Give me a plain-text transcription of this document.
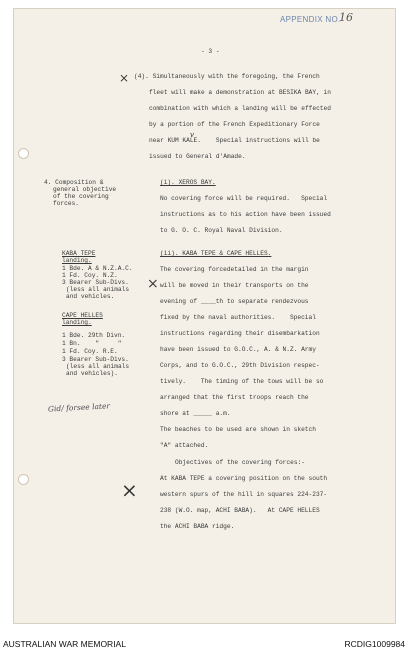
APPENDIX NO.
16
- 3 -
× (4). Simultaneously with the foregoing, the French
fleet will make a demonstration at BESIKA BAY, in
combination with which a landing will be effected
by a portion of the French Expeditionary Force
near KUM KALE.    Special instructions will be
issued to General d'Amade.
v
4. Composition &
general objective
of the covering
forces.
(i). XEROS BAY.
No covering force will be required.   Special
instructions as to his action have been issued
to G. O. C. Royal Naval Division.
KABA TEPE
landing.
1 Bde. A & N.Z.A.C.
1 Fd. Coy. N.Z.
3 Bearer Sub-Divs.
(less all animals
and vehicles.
×
CAPE HELLES
landing.
1 Bde. 29th Divn.
1 Bn.    "     "
1 Fd. Coy. R.E.
3 Bearer Sub-Divs.
(less all animals
and vehicles).
Gid/ forsee later
(ii). KABA TEPE & CAPE HELLES.
The covering forcedetailed in the margin
will be moved in their transports on the
evening of ____th to separate rendezvous
fixed by the naval authorities.    Special
instructions regarding their disembarkation
have been issued to G.O.C., A. & N.Z. Army
Corps, and to G.O.C., 29th Division respec-
tively.    The timing of the tows will be so
arranged that the first troops reach the
shore at _____ a.m.
The beaches to be used are shown in sketch
"A" attached.
Objectives of the covering forces:-
At KABA TEPE a covering position on the south
western spurs of the hill in squares 224-237-
238 (W.O. map, ACHI BABA).   At CAPE HELLES
the ACHI BABA ridge.
×
AUSTRALIAN WAR MEMORIAL	RCDIG1009984
